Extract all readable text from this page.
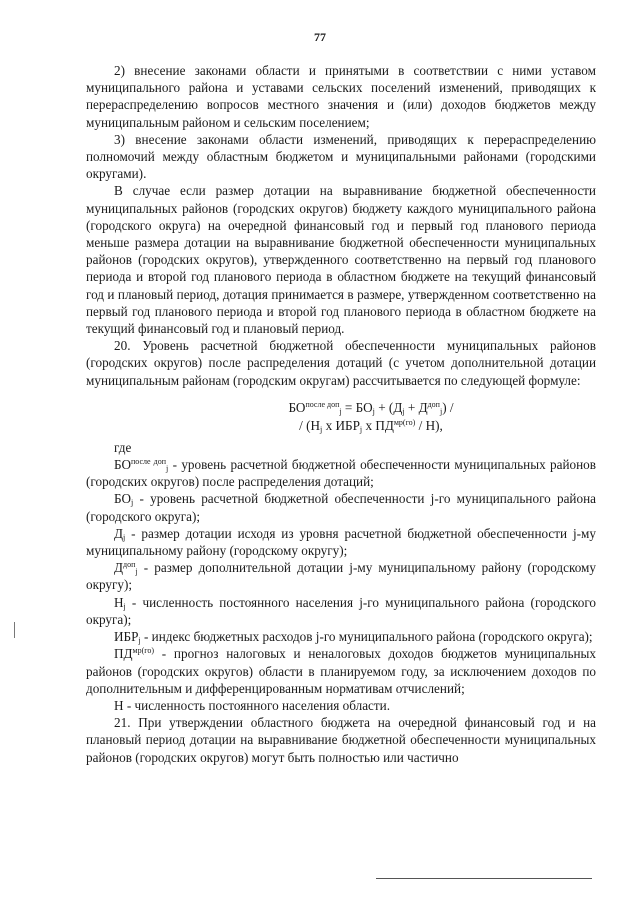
77

2) внесение законами области и принятыми в соответствии с ними уставом муниципального района и уставами сельских поселений изменений, приводящих к перераспределению вопросов местного значения и (или) доходов бюджетов между муниципальным районом и сельским поселением;

3) внесение законами области изменений, приводящих к перераспределению полномочий между областным бюджетом и муниципальными районами (городскими округами).

В случае если размер дотации на выравнивание бюджетной обеспеченности муниципальных районов (городских округов) бюджету каждого муниципального района (городского округа) на очередной финансовый год и первый год планового периода меньше размера дотации на выравнивание бюджетной обеспеченности муниципальных районов (городских округов), утвержденного соответственно на первый год планового периода и второй год планового периода в областном бюджете на текущий финансовый год и плановый период, дотация принимается в размере, утвержденном соответственно на первый год планового периода и второй год планового периода в областном бюджете на текущий финансовый год и плановый период.

20. Уровень расчетной бюджетной обеспеченности муниципальных районов (городских округов) после распределения дотаций (с учетом дополнительной дотации муниципальным районам (городским округам) рассчитывается по следующей формуле:

$БО^{после доп}_j = БО_j + (Д_j + Д^{доп}_j)$ /
/ ($Н_j$ х $ИБР_j$ х $ПД^{мр(го)} / Н$),

где

$БО^{после доп}_j$ - уровень расчетной бюджетной обеспеченности муниципальных районов (городских округов) после распределения дотаций;

$БО_j$ - уровень расчетной бюджетной обеспеченности j-го муниципального района (городского округа);

$Д_j$ - размер дотации исходя из уровня расчетной бюджетной обеспеченности j-му муниципальному району (городскому округу);

$Д^{доп}_j$ - размер дополнительной дотации j-му муниципальному району (городскому округу);

$Н_j$ - численность постоянного населения j-го муниципального района (городского округа);

$ИБР_j$ - индекс бюджетных расходов j-го муниципального района (городского округа);

$ПД^{мр(го)}$ - прогноз налоговых и неналоговых доходов бюджетов муниципальных районов (городских округов) области в планируемом году, за исключением доходов по дополнительным и дифференцированным нормативам отчислений;

Н - численность постоянного населения области.

21. При утверждении областного бюджета на очередной финансовый год и на плановый период дотации на выравнивание бюджетной обеспеченности муниципальных районов (городских округов) могут быть полностью или частично
